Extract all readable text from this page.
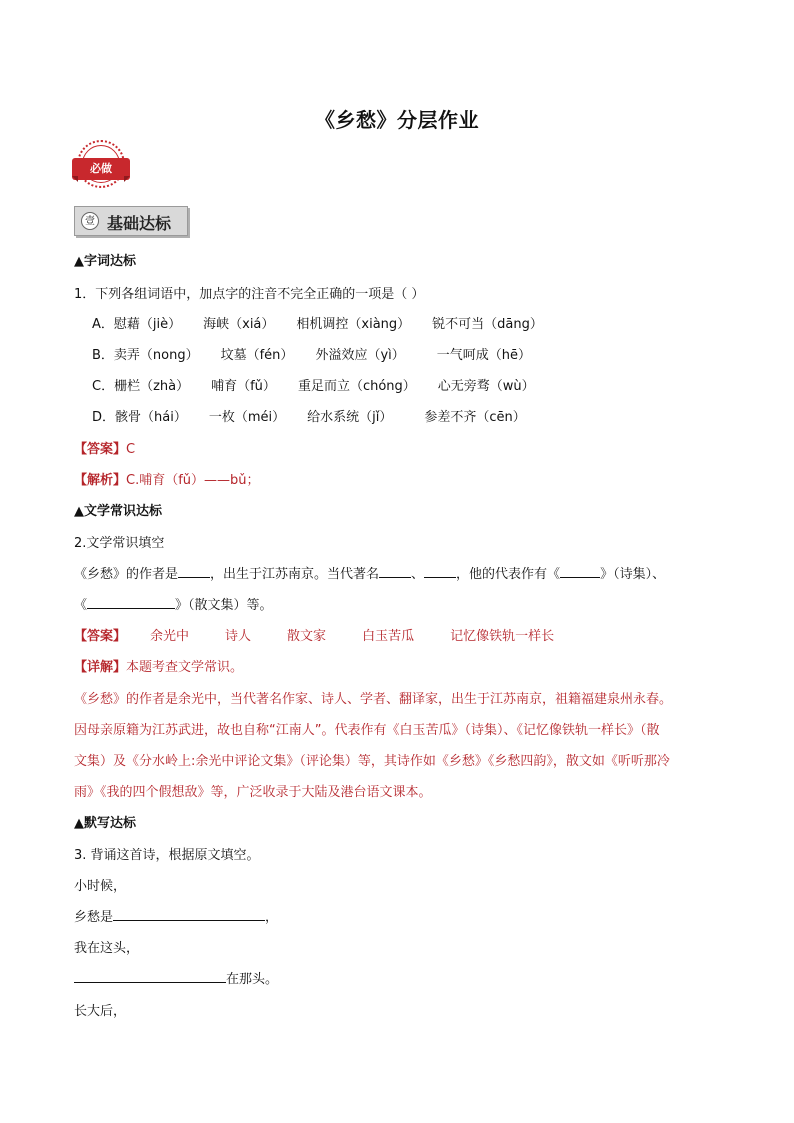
《乡愁》分层作业
必做
壹 基础达标
▲字词达标
1．下列各组词语中，加点字的注音不完全正确的一项是（ ）
A．慰藉（jiè） 海峡（xiá） 相机调控（xiàng） 锐不可当（dāng）
B．卖弄（nong） 坟墓（fén） 外溢效应（yì） 一气呵成（hē）
C．栅栏（zhà） 哺育（fǔ） 重足而立（chóng） 心无旁骛（wù）
D．骸骨（hái） 一枚（méi） 给水系统（jǐ） 参差不齐（cēn）
【答案】C
【解析】C.哺育（fǔ）——bǔ；
▲文学常识达标
2.文学常识填空
《乡愁》的作者是 ，出生于江苏南京。当代著名 、 ，他的代表作有《	》（诗集）、
《	》（散文集）等。
【答案】 余光中	诗人	散文家	白玉苦瓜	记忆像铁轨一样长
【详解】本题考查文学常识。
《乡愁》的作者是余光中，当代著名作家、诗人、学者、翻译家，出生于江苏南京，祖籍福建泉州永春。
因母亲原籍为江苏武进，故也自称“江南人”。代表作有《白玉苦瓜》（诗集）、《记忆像铁轨一样长》（散
文集）及《分水岭上:余光中评论文集》（评论集）等，其诗作如《乡愁》《乡愁四韵》，散文如《听听那冷
雨》《我的四个假想敌》等，广泛收录于大陆及港台语文课本。
▲默写达标
3. 背诵这首诗，根据原文填空。
小时候，
乡愁是	，
我在这头，
在那头。
长大后，
